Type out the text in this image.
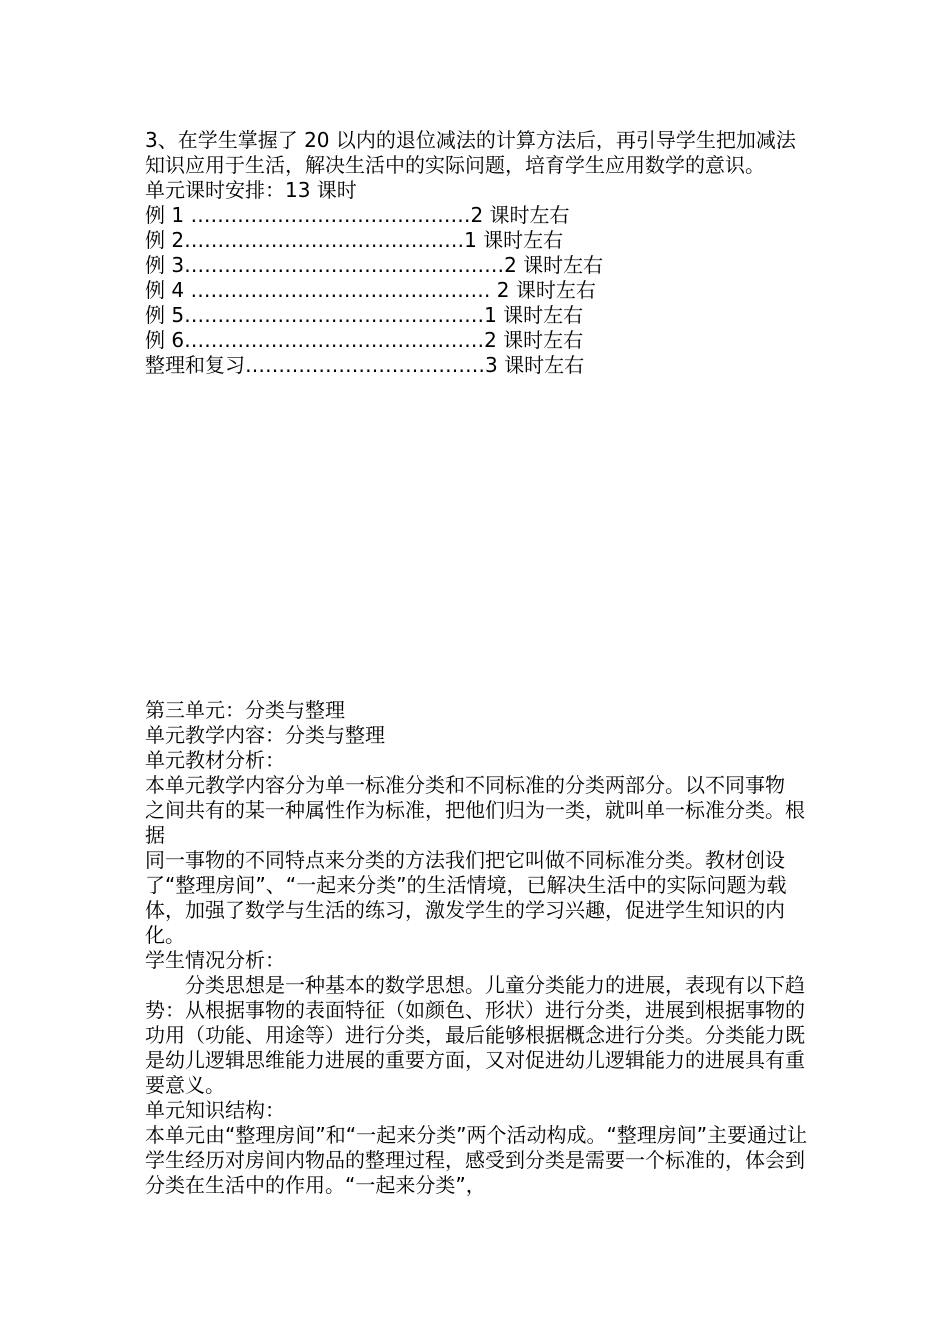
3、在学生掌握了 20 以内的退位减法的计算方法后，再引导学生把加减法知识应用于生活，解决生活中的实际问题，培育学生应用数学的意识。

单元课时安排：13 课时

例 1 ……………………………………2 课时左右

例 2……………………………………1 课时左右

例 3…………………………………………2 课时左右

例 4 ……………………………………… 2 课时左右

例 5………………………………………1 课时左右

例 6………………………………………2 课时左右

整理和复习………………………………3 课时左右

第三单元：分类与整理

单元教学内容：分类与整理

单元教材分析：

本单元教学内容分为单一标准分类和不同标准的分类两部分。以不同事物

之间共有的某一种属性作为标准，把他们归为一类，就叫单一标准分类。根据

同一事物的不同特点来分类的方法我们把它叫做不同标准分类。教材创设了“整理房间”、“一起来分类”的生活情境，已解决生活中的实际问题为载体，加强了数学与生活的练习，激发学生的学习兴趣，促进学生知识的内化。

学生情况分析：

分类思想是一种基本的数学思想。儿童分类能力的进展，表现有以下趋势：从根据事物的表面特征（如颜色、形状）进行分类，进展到根据事物的功用（功能、用途等）进行分类，最后能够根据概念进行分类。分类能力既是幼儿逻辑思维能力进展的重要方面，又对促进幼儿逻辑能力的进展具有重要意义。

单元知识结构：

本单元由“整理房间”和“一起来分类”两个活动构成。“整理房间”主要通过让学生经历对房间内物品的整理过程，感受到分类是需要一个标准的，体会到分类在生活中的作用。“一起来分类”，
